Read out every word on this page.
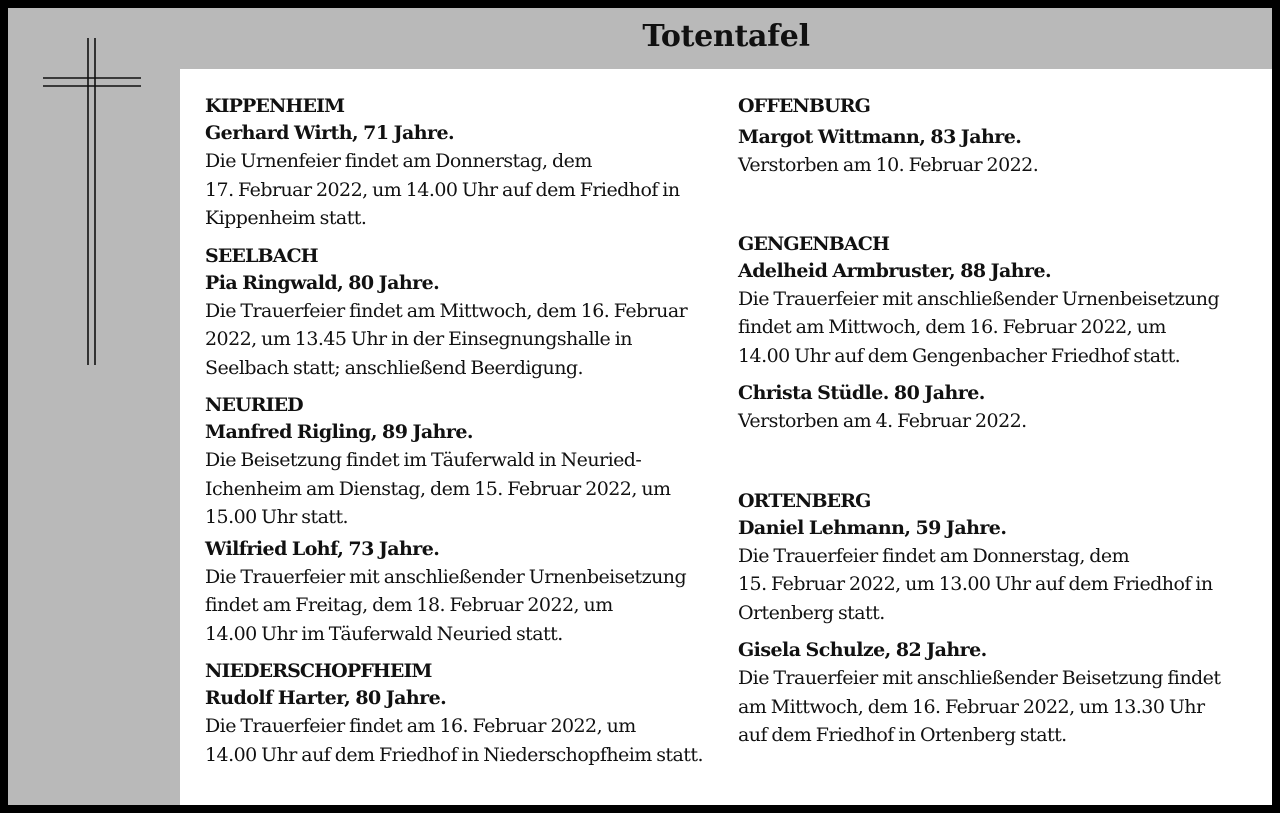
Totentafel
KIPPENHEIM
Gerhard Wirth, 71 Jahre.
Die Urnenfeier findet am Donnerstag, dem
17. Februar 2022, um 14.00 Uhr auf dem Friedhof in
Kippenheim statt.
SEELBACH
Pia Ringwald, 80 Jahre.
Die Trauerfeier findet am Mittwoch, dem 16. Februar
2022, um 13.45 Uhr in der Einsegnungshalle in
Seelbach statt; anschließend Beerdigung.
NEURIED
Manfred Rigling, 89 Jahre.
Die Beisetzung findet im Täuferwald in Neuried-
Ichenheim am Dienstag, dem 15. Februar 2022, um
15.00 Uhr statt.
Wilfried Lohf, 73 Jahre.
Die Trauerfeier mit anschließender Urnenbeisetzung
findet am Freitag, dem 18. Februar 2022, um
14.00 Uhr im Täuferwald Neuried statt.
NIEDERSCHOPFHEIM
Rudolf Harter, 80 Jahre.
Die Trauerfeier findet am 16. Februar 2022, um
14.00 Uhr auf dem Friedhof in Niederschopfheim statt.
OFFENBURG
Margot Wittmann, 83 Jahre.
Verstorben am 10. Februar 2022.
GENGENBACH
Adelheid Armbruster, 88 Jahre.
Die Trauerfeier mit anschließender Urnenbeisetzung
findet am Mittwoch, dem 16. Februar 2022, um
14.00 Uhr auf dem Gengenbacher Friedhof statt.
Christa Stüdle. 80 Jahre.
Verstorben am 4. Februar 2022.
ORTENBERG
Daniel Lehmann, 59 Jahre.
Die Trauerfeier findet am Donnerstag, dem
15. Februar 2022, um 13.00 Uhr auf dem Friedhof in
Ortenberg statt.
Gisela Schulze, 82 Jahre.
Die Trauerfeier mit anschließender Beisetzung findet
am Mittwoch, dem 16. Februar 2022, um 13.30 Uhr
auf dem Friedhof in Ortenberg statt.
